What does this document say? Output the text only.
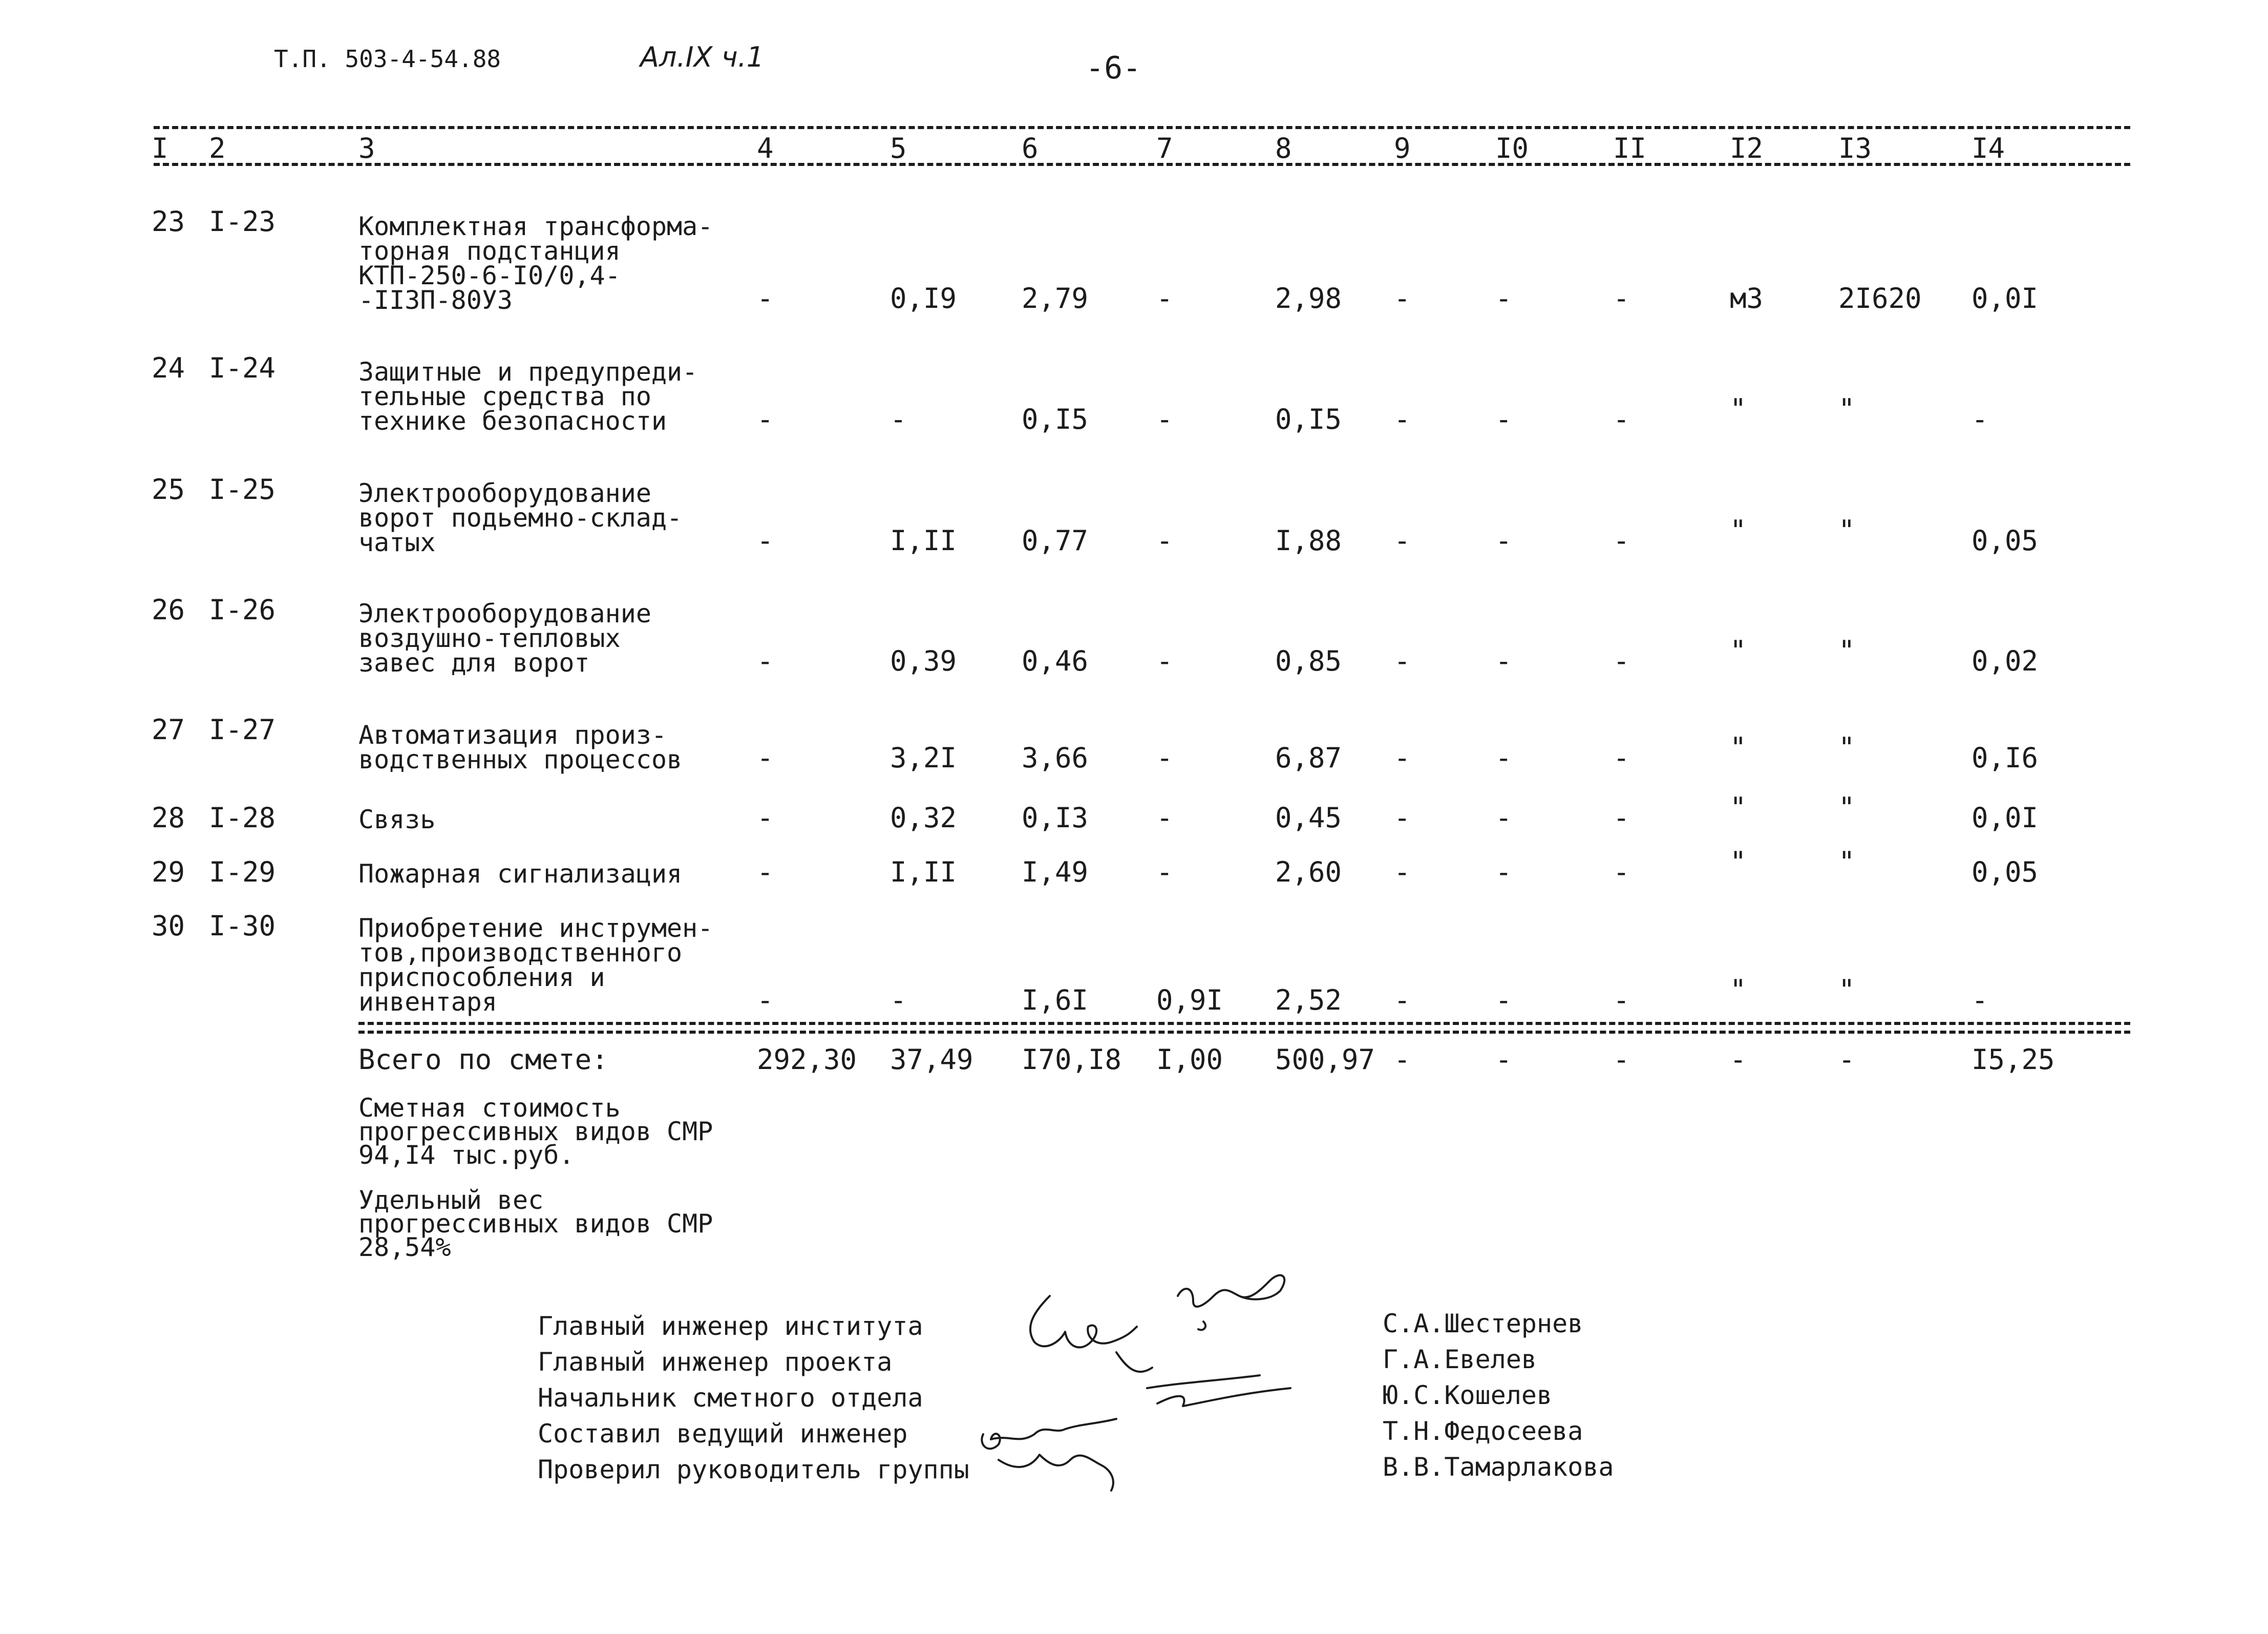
Т.П. 503-4-54.88	Ал.IX ч.1	-6-
I 2	3	4	5	6	7	8	9	I0	II	I2	I3	I4
23 I-23	Комплектная трансформа-
торная подстанция
КТП-250-6-I0/0,4-
-II3П-80УЗ	-	0,I9 2,79 -	2,98 -	-	-	м3	2I620 0,0I
24 I-24	Защитные и предупреди-
тельные средства по
технике безопасности	-	-	0,I5 -	0,I5 -	-	-	"	"	-
25 I-25	Электрооборудование
ворот подьемно-склад-
чатых	-	I,II 0,77 -	I,88 -	-	-	"	"	0,05
26 I-26	Электрооборудование
воздушно-тепловых
завес для ворот	-	0,39 0,46 -	0,85 -	-	-	"	"	0,02
27 I-27	Автоматизация произ-
водственных процессов	-	3,2I 3,66 -	6,87 -	-	-	"	"	0,I6
28 I-28	Связь	-	0,32 0,I3 -	0,45 -	-	-	"	"	0,0I
29 I-29	Пожарная сигнализация	-	I,II I,49 -	2,60 -	-	-	"	"	0,05
30 I-30	Приобретение инструмен-
тов,производственного
приспособления и
инвентаря	-	-	I,6I 0,9I 2,52 -	-	-	"	"	-
Всего по смете:	292,30 37,49 I70,I8 I,00 500,97 -	-	-	-	-	I5,25
Сметная стоимость
прогрессивных видов СМР
94,I4 тыс.руб.
Удельный вес
прогрессивных видов СМР
28,54%
Главный инженер института
Главный инженер проекта
Начальник сметного отдела
Составил ведущий инженер
Проверил руководитель группы
С.А.Шестернев
Г.А.Евелев
Ю.С.Кошелев
Т.Н.Федосеева
В.В.Тамарлакова
